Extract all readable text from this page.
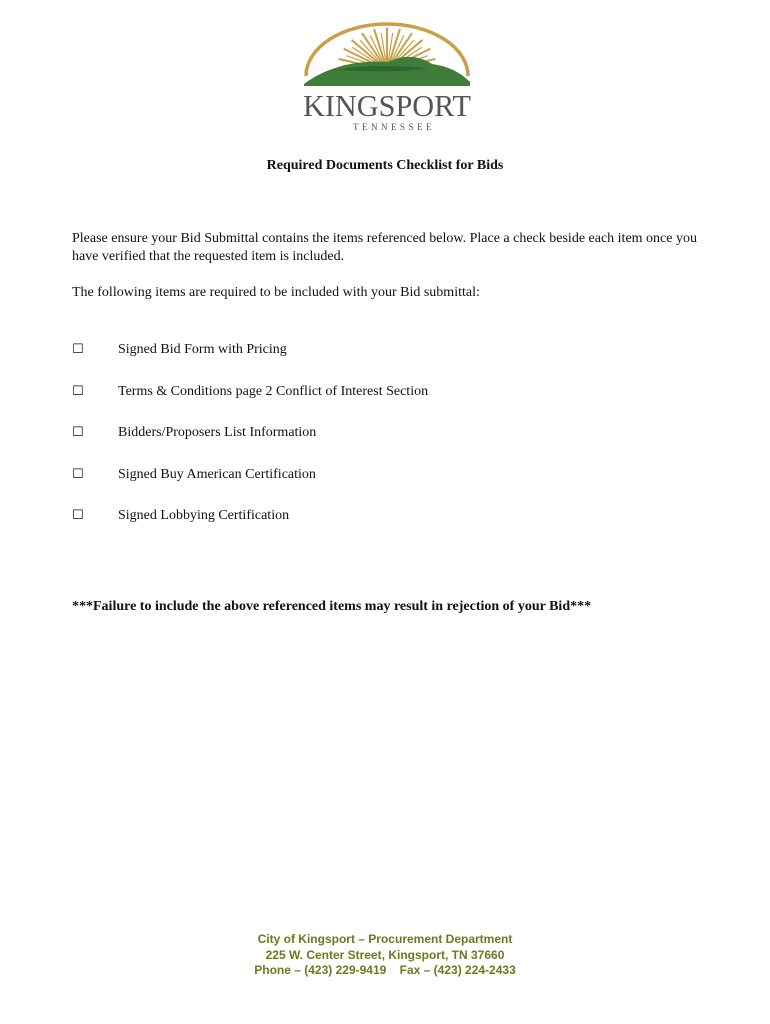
KINGSPORT
TENNESSEE
Required Documents Checklist for Bids

Please ensure your Bid Submittal contains the items referenced below. Place a check beside each item once you have verified that the requested item is included.

The following items are required to be included with your Bid submittal:

☐	Signed Bid Form with Pricing
☐	Terms & Conditions page 2 Conflict of Interest Section
☐	Bidders/Proposers List Information
☐	Signed Buy American Certification
☐	Signed Lobbying Certification
***Failure to include the above referenced items may result in rejection of your Bid***
City of Kingsport – Procurement Department
225 W. Center Street, Kingsport, TN 37660
Phone – (423) 229-9419 Fax – (423) 224-2433
